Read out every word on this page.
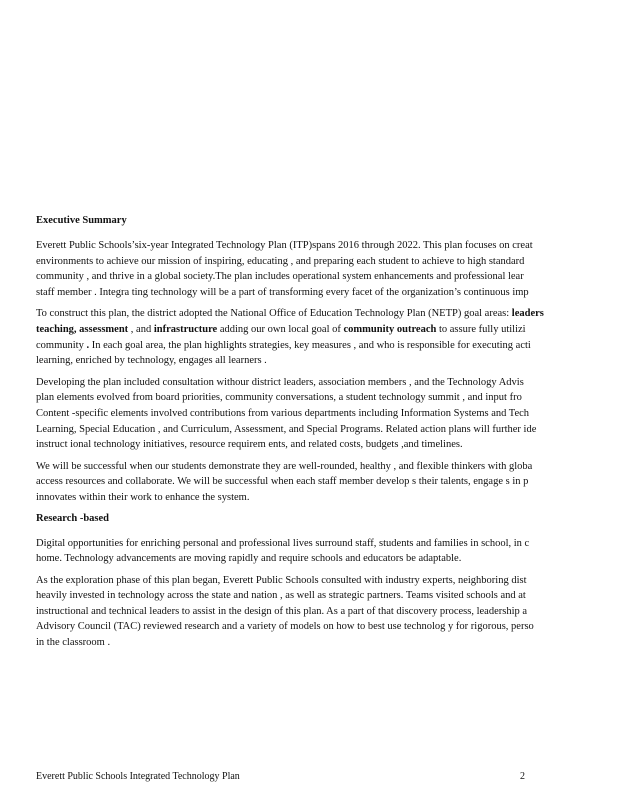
Executive Summary
Everett Public Schools’six-year Integrated Technology Plan (ITP)spans 2016 through 2022. This plan focuses on creat
environments to achieve our mission of inspiring, educating , and preparing each student to achieve to high standard
community , and thrive in a global society.The plan includes operational system enhancements and professional lear
staff member . Integra ting technology will be a part of transforming every facet of the organization’s continuous imp
To construct this plan, the district adopted the National Office of Education Technology Plan (NETP) goal areas: leaders
teaching, assessment , and infrastructure adding our own local goal of community outreach to assure fully utilizi
community . In each goal area, the plan highlights strategies, key measures , and who is responsible for executing acti
learning, enriched by technology, engages all learners .
Developing the plan included consultation withour district leaders, association members , and the Technology Advis
plan elements evolved from board priorities, community conversations, a student technology summit , and input fro
Content -specific elements involved contributions from various departments including Information Systems and Tech
Learning, Special Education , and Curriculum, Assessment, and Special Programs. Related action plans will further ide
instruct ional technology initiatives, resource requirem ents, and related costs, budgets ,and timelines.
We will be successful when our students demonstrate they are well-rounded, healthy , and flexible thinkers with globa
access resources and collaborate. We will be successful when each staff member develop s their talents, engage s in p
innovates within their work to enhance the system.
Research -based
Digital opportunities for enriching personal and professional lives surround staff, students and families in school, in c
home. Technology advancements are moving rapidly and require schools and educators be adaptable.
As the exploration phase of this plan began, Everett Public Schools consulted with industry experts, neighboring dist
heavily invested in technology across the state and nation , as well as strategic partners. Teams visited schools and at
instructional and technical leaders to assist in the design of this plan. As a part of that discovery process, leadership a
Advisory Council (TAC) reviewed research and a variety of models on how to best use technolog y for rigorous, perso
in the classroom .
Everett Public Schools Integrated Technology Plan	2
